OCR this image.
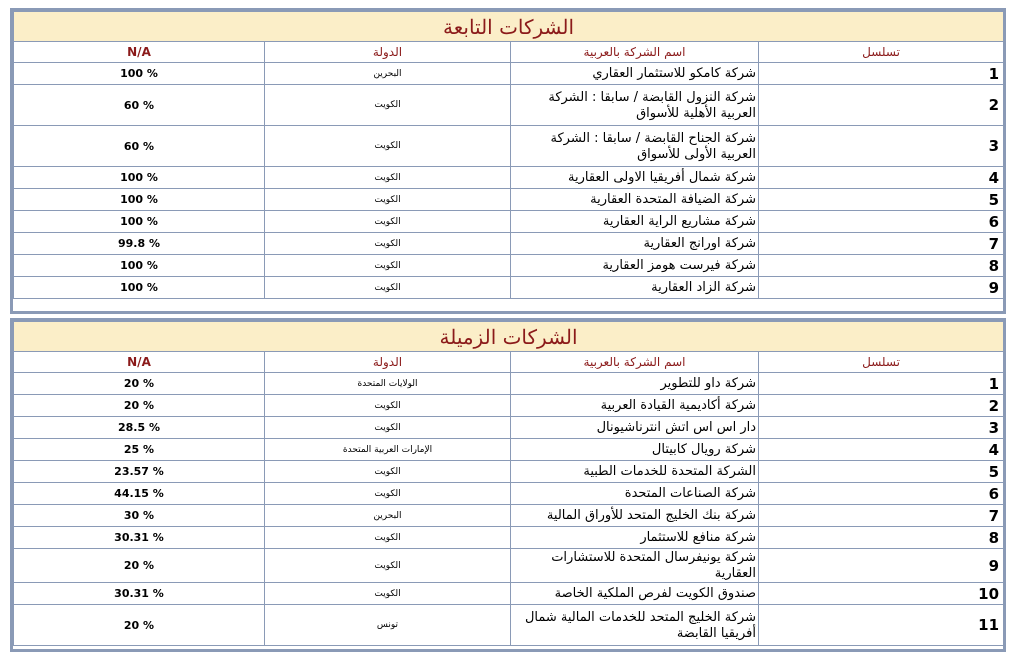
الشركات التابعة			
N/A	الدولة	اسم الشركة بالعربية	تسلسل
100 %	البحرين	شركة كامكو للاستثمار العقاري	1
60 %	الكويت	شركة النزول القابضة / سابقا : الشركة العربية الأهلية للأسواق	2
60 %	الكويت	شركة الجناح القابضة / سابقا : الشركة العربية الأولى للأسواق	3
100 %	الكويت	شركة شمال أفريقيا الاولى العقارية	4
100 %	الكويت	شركة الضيافة المتحدة العقارية	5
100 %	الكويت	شركة مشاريع الراية العقارية	6
99.8 %	الكويت	شركة اورانج العقارية	7
100 %	الكويت	شركة فيرست هومز العقارية	8
100 %	الكويت	شركة الزاد العقارية	9
الشركات الزميلة			
N/A	الدولة	اسم الشركة بالعربية	تسلسل
20 %	الولايات المتحدة	شركة داو للتطوير	1
20 %	الكويت	شركة أكاديمية القيادة العربية	2
28.5 %	الكويت	دار اس اس اتش انترناشيونال	3
25 %	الإمارات العربية المتحدة	شركة رويال كابيتال	4
23.57 %	الكويت	الشركة المتحدة للخدمات الطبية	5
44.15 %	الكويت	شركة الصناعات المتحدة	6
30 %	البحرين	شركة بنك الخليج المتحد للأوراق المالية	7
30.31 %	الكويت	شركة منافع للاستثمار	8
20 %	الكويت	شركة يونيفرسال المتحدة للاستشارات العقارية	9
30.31 %	الكويت	صندوق الكويت لفرص الملكية الخاصة	10
20 %	تونس	شركة الخليج المتحد للخدمات المالية شمال أفريقيا القابضة	11
